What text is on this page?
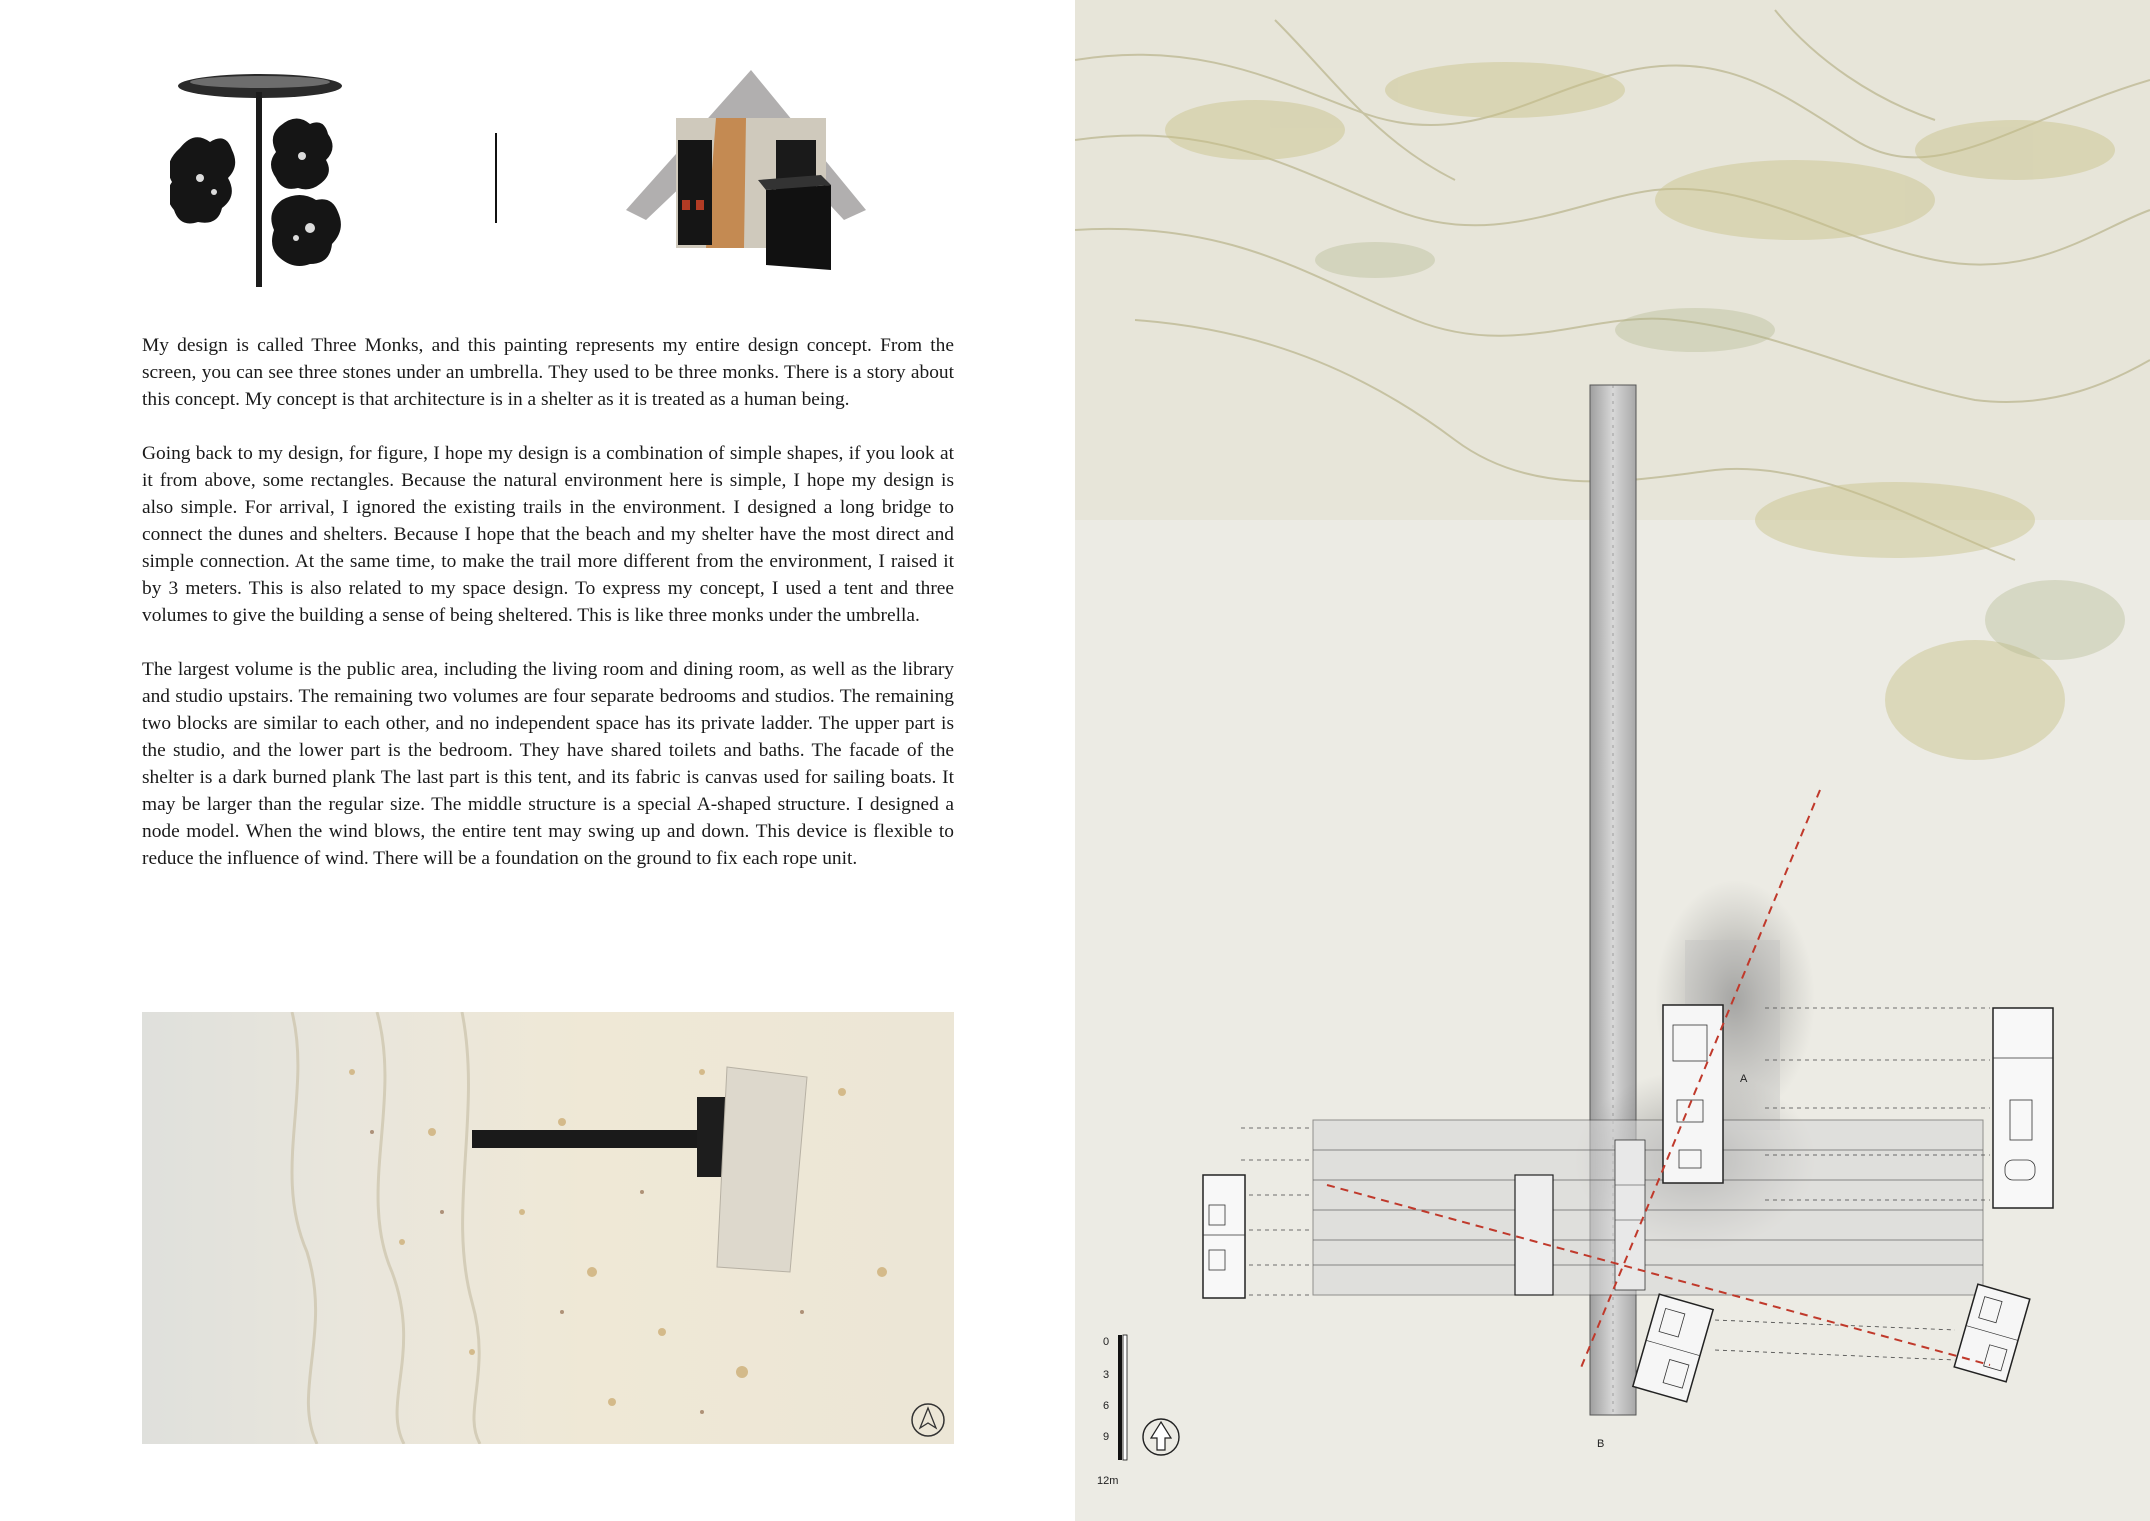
My design is called Three Monks, and this painting represents my entire design concept. From the screen, you can see three stones under an umbrella. They used to be three monks. There is a story about this concept. My concept is that architecture is in a shelter as it is treated as a human being.

Going back to my design, for figure, I hope my design is a combination of simple shapes, if you look at it from above, some rectangles. Because the natural environment here is simple, I hope my design is also simple. For arrival, I ignored the existing trails in the environment. I designed a long bridge to connect the dunes and shelters. Because I hope that the beach and my shelter have the most direct and simple connection. At the same time, to make the trail more different from the environment, I raised it by 3 meters. This is also related to my space design. To express my concept, I used a tent and three volumes to give the building a sense of being sheltered. This is like three monks under the umbrella.

The largest volume is the public area, including the living room and dining room, as well as the library and studio upstairs. The remaining two volumes are four separate bedrooms and studios. The remaining two blocks are similar to each other, and no independent space has its private ladder. The upper part is the studio, and the lower part is the bedroom. They have shared toilets and baths. The facade of the shelter is a dark burned plank The last part is this tent, and its fabric is canvas used for sailing boats. It may be larger than the regular size. The middle structure is a special A-shaped structure. I designed a node model. When the wind blows, the entire tent may swing up and down. This device is flexible to reduce the influence of wind. There will be a foundation on the ground to fix each rope unit.

A
B
0
3
6
9
12m
